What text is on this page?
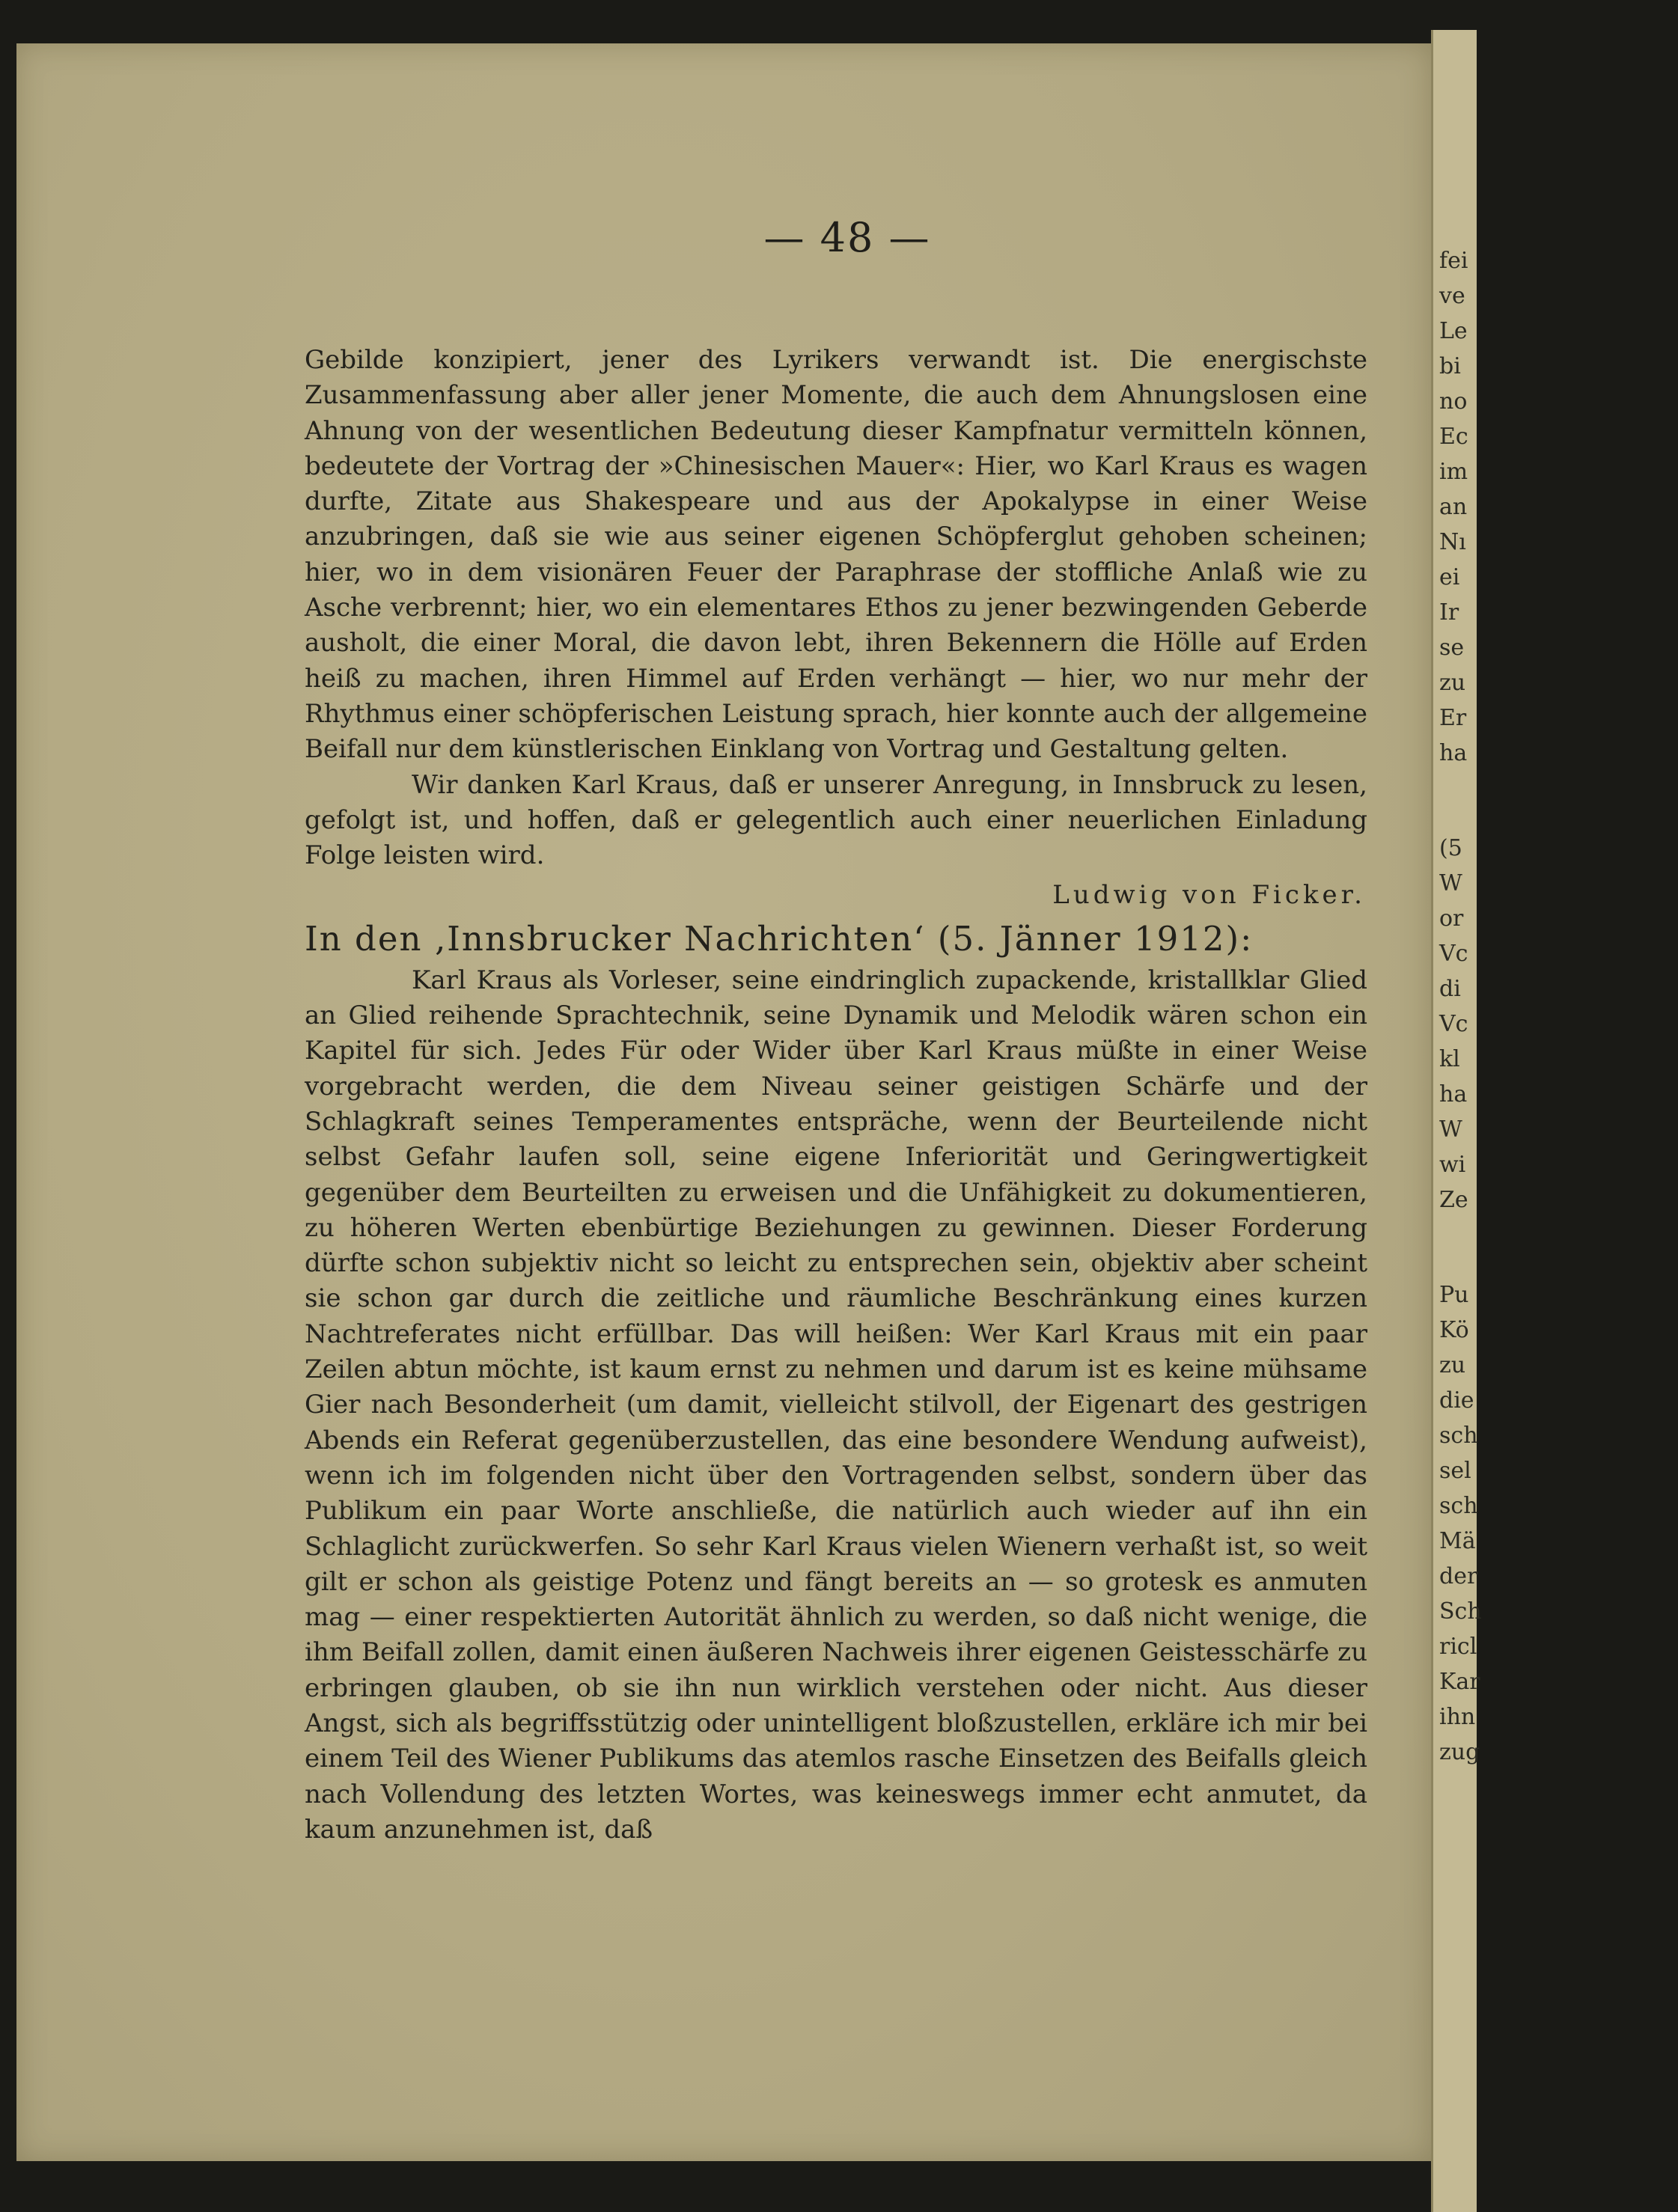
— 48 —

Gebilde konzipiert, jener des Lyrikers verwandt ist. Die energischste Zusammenfassung aber aller jener Momente, die auch dem Ahnungslosen eine Ahnung von der wesentlichen Bedeutung dieser Kampfnatur vermitteln können, bedeutete der Vortrag der »Chinesischen Mauer«: Hier, wo Karl Kraus es wagen durfte, Zitate aus Shakespeare und aus der Apokalypse in einer Weise anzubringen, daß sie wie aus seiner eigenen Schöpferglut gehoben scheinen; hier, wo in dem visionären Feuer der Paraphrase der stoffliche Anlaß wie zu Asche verbrennt; hier, wo ein elementares Ethos zu jener bezwingenden Geberde ausholt, die einer Moral, die davon lebt, ihren Bekennern die Hölle auf Erden heiß zu machen, ihren Himmel auf Erden verhängt — hier, wo nur mehr der Rhythmus einer schöpferischen Leistung sprach, hier konnte auch der allgemeine Beifall nur dem künstlerischen Einklang von Vortrag und Gestaltung gelten.

Wir danken Karl Kraus, daß er unserer Anregung, in Innsbruck zu lesen, gefolgt ist, und hoffen, daß er gelegentlich auch einer neuerlichen Einladung Folge leisten wird.

Ludwig von Ficker.

In den ‚Innsbrucker Nachrichten‘ (5. Jänner 1912):

Karl Kraus als Vorleser, seine eindringlich zupackende, kristallklar Glied an Glied reihende Sprachtechnik, seine Dynamik und Melodik wären schon ein Kapitel für sich. Jedes Für oder Wider über Karl Kraus müßte in einer Weise vorgebracht werden, die dem Niveau seiner geistigen Schärfe und der Schlagkraft seines Temperamentes entspräche, wenn der Beurteilende nicht selbst Gefahr laufen soll, seine eigene Inferiorität und Geringwertigkeit gegenüber dem Beurteilten zu erweisen und die Unfähigkeit zu dokumentieren, zu höheren Werten ebenbürtige Beziehungen zu gewinnen. Dieser Forderung dürfte schon subjektiv nicht so leicht zu entsprechen sein, objektiv aber scheint sie schon gar durch die zeitliche und räumliche Beschränkung eines kurzen Nachtreferates nicht erfüllbar. Das will heißen: Wer Karl Kraus mit ein paar Zeilen abtun möchte, ist kaum ernst zu nehmen und darum ist es keine mühsame Gier nach Besonderheit (um damit, vielleicht stilvoll, der Eigenart des gestrigen Abends ein Referat gegenüberzustellen, das eine besondere Wendung aufweist), wenn ich im folgenden nicht über den Vortragenden selbst, sondern über das Publikum ein paar Worte anschließe, die natürlich auch wieder auf ihn ein Schlaglicht zurückwerfen. So sehr Karl Kraus vielen Wienern verhaßt ist, so weit gilt er schon als geistige Potenz und fängt bereits an — so grotesk es anmuten mag — einer respektierten Autorität ähnlich zu werden, so daß nicht wenige, die ihm Beifall zollen, damit einen äußeren Nachweis ihrer eigenen Geistesschärfe zu erbringen glauben, ob sie ihn nun wirklich verstehen oder nicht. Aus dieser Angst, sich als begriffsstützig oder unintelligent bloßzustellen, erkläre ich mir bei einem Teil des Wiener Publikums das atemlos rasche Einsetzen des Beifalls gleich nach Vollendung des letzten Wortes, was keineswegs immer echt anmutet, da kaum anzunehmen ist, daß

fei
ve
Le
bi
no
Ec
im
an
Nı
ei
Ir
se
zu
Er
ha
(5
W
or
Vc
di
Vc
kl
ha
W
wi
Ze
Pu
Kö
zu
die
sch
sel
sch
Mä
der
Sch
ricl
Kar
ihn
zug
